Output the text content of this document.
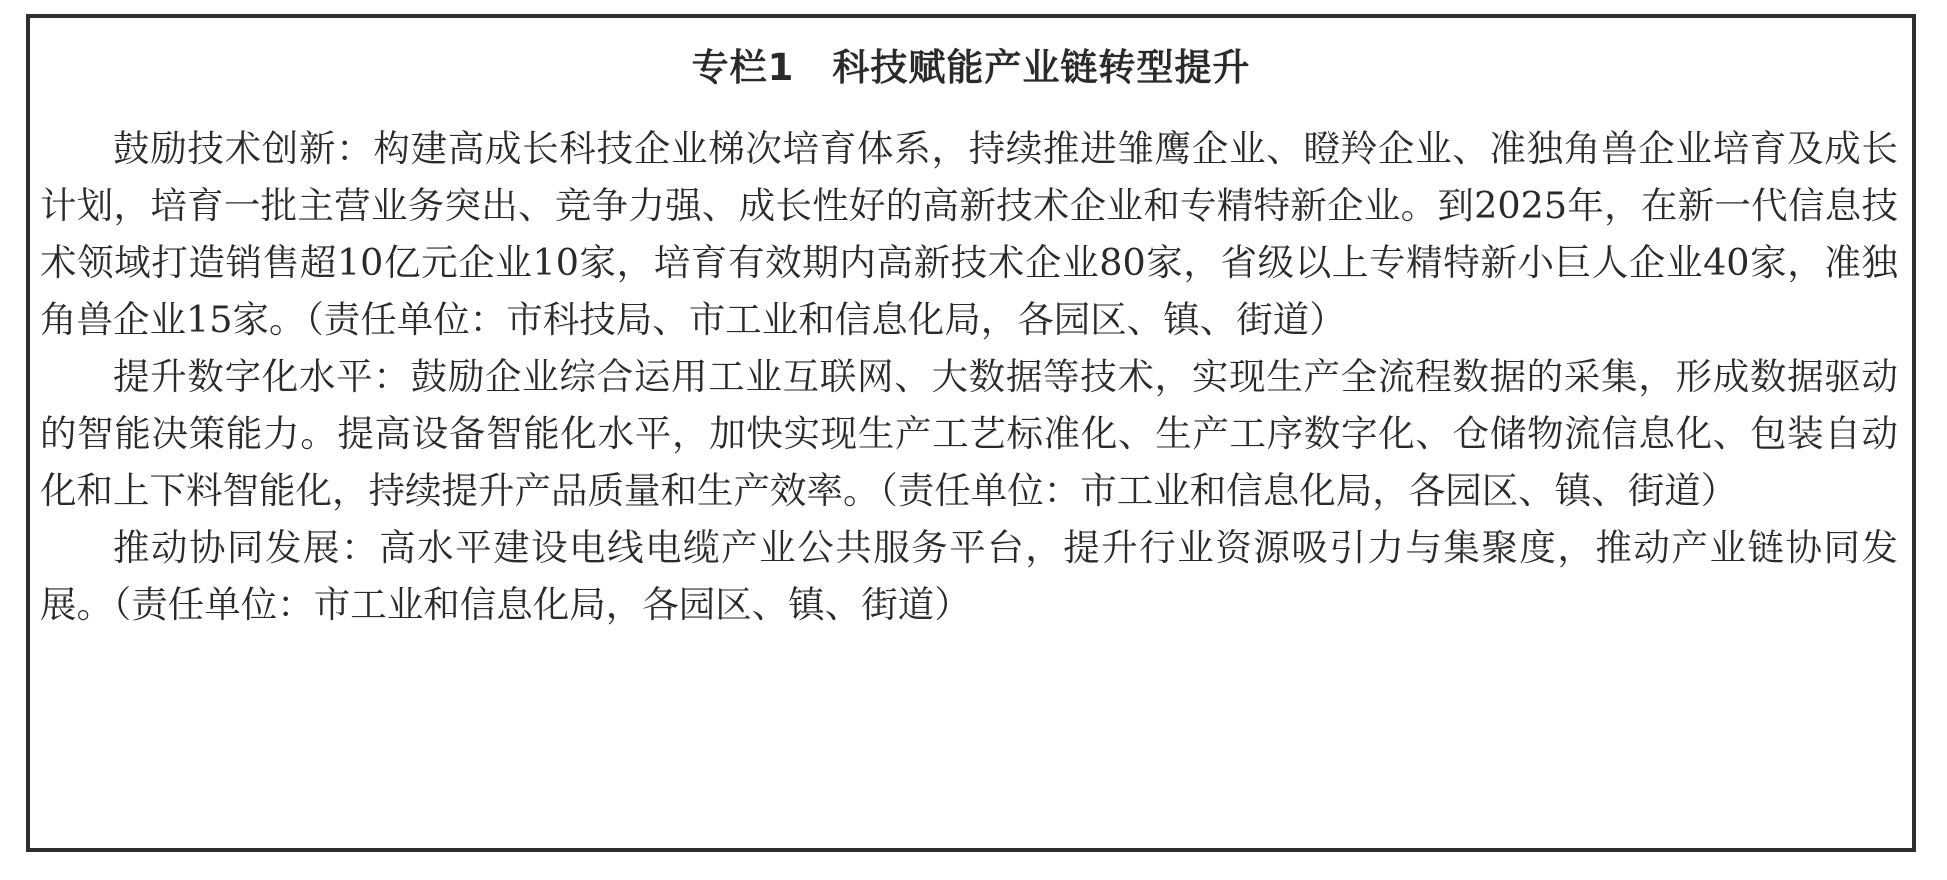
专栏1　科技赋能产业链转型提升

鼓励技术创新：构建高成长科技企业梯次培育体系，持续推进雏鹰企业、瞪羚企业、准独角兽企业培育及成长计划，培育一批主营业务突出、竞争力强、成长性好的高新技术企业和专精特新企业。到2025年，在新一代信息技术领域打造销售超10亿元企业10家，培育有效期内高新技术企业80家，省级以上专精特新小巨人企业40家，准独角兽企业15家。（责任单位：市科技局、市工业和信息化局，各园区、镇、街道）

提升数字化水平：鼓励企业综合运用工业互联网、大数据等技术，实现生产全流程数据的采集，形成数据驱动的智能决策能力。提高设备智能化水平，加快实现生产工艺标准化、生产工序数字化、仓储物流信息化、包装自动化和上下料智能化，持续提升产品质量和生产效率。（责任单位：市工业和信息化局，各园区、镇、街道）

推动协同发展：高水平建设电线电缆产业公共服务平台，提升行业资源吸引力与集聚度，推动产业链协同发展。（责任单位：市工业和信息化局，各园区、镇、街道）
